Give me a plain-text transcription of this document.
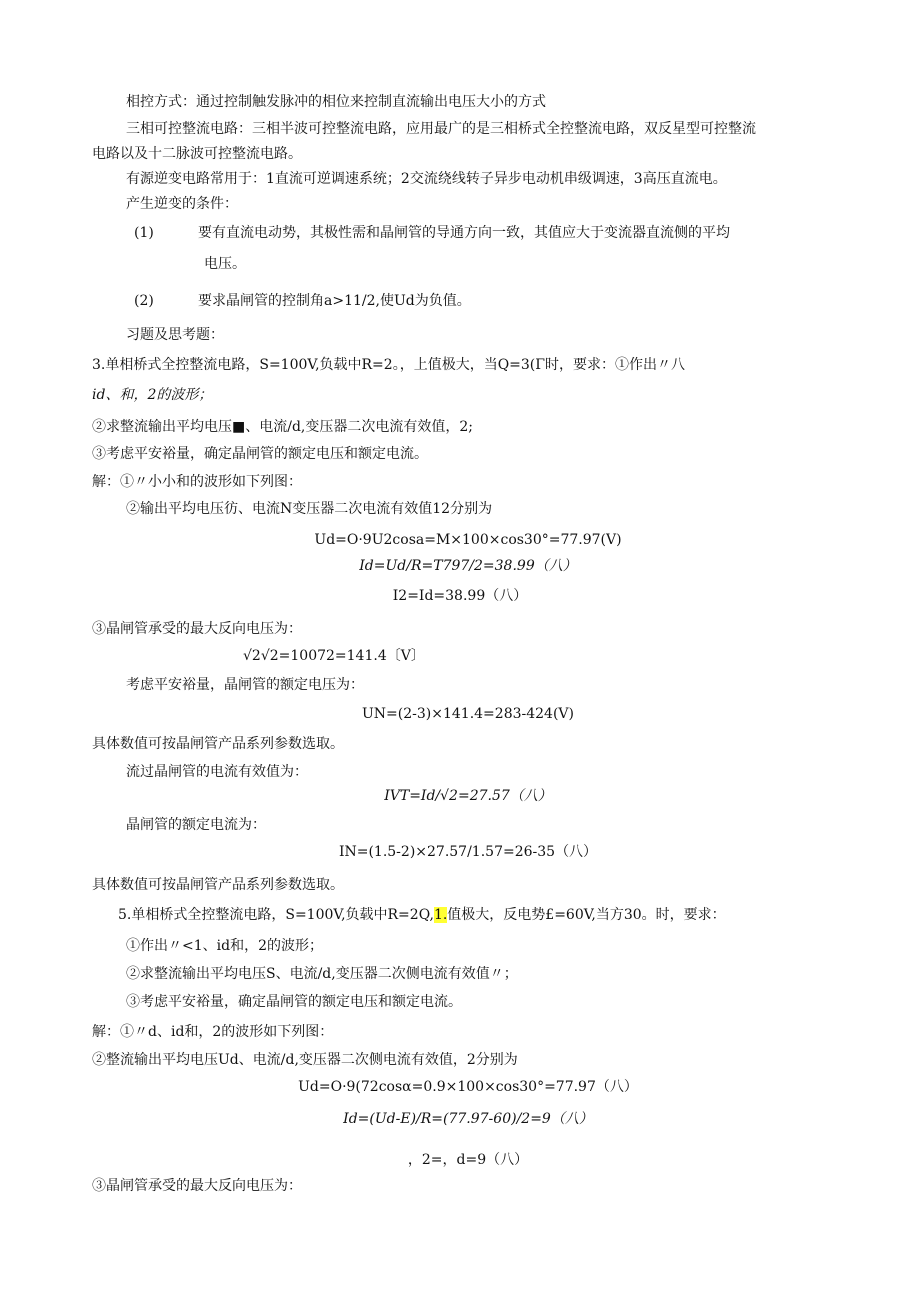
相控方式：通过控制触发脉冲的相位来控制直流输出电压大小的方式
三相可控整流电路：三相半波可控整流电路，应用最广的是三相桥式全控整流电路，双反星型可控整流
电路以及十二脉波可控整流电路。
有源逆变电路常用于：1直流可逆调速系统；2交流绕线转子异步电动机串级调速，3高压直流电。
产生逆变的条件：
(1)	要有直流电动势，其极性需和晶闸管的导通方向一致，其值应大于变流器直流侧的平均
电压。
(2)	要求晶闸管的控制角a>11/2,使Ud为负值。
习题及思考题：
3.单相桥式全控整流电路，S=100V,负载中R=2。，上值极大，当Q=3(Γ时，要求：①作出〃八
id、和，2的波形；
②求整流输出平均电压■、电流/d,变压器二次电流有效值，2;
③考虑平安裕量，确定晶闸管的额定电压和额定电流。
解：①〃小小和的波形如下列图：
②输出平均电压彷、电流N变压器二次电流有效值12分别为
Ud=O·9U2cosa=M×100×cos30°=77.97(V)
Id=Ud/R=T797/2=38.99（八）
I2=Id=38.99（八）
③晶闸管承受的最大反向电压为：
√2√2=10072=141.4〔V〕
考虑平安裕量，晶闸管的额定电压为：
UN=(2-3)×141.4=283-424(V)
具体数值可按晶闸管产品系列参数选取。
流过晶闸管的电流有效值为：
IVT=Id/√2=27.57（八）
晶闸管的额定电流为：
IN=(1.5-2)×27.57/1.57=26-35（八）
具体数值可按晶闸管产品系列参数选取。
5.单相桥式全控整流电路，S=100V,负载中R=2Q,1.值极大，反电势£=60V,当方30。时，要求：
①作出〃<1、id和，2的波形；
②求整流输出平均电压S、电流/d,变压器二次侧电流有效值〃；
③考虑平安裕量，确定晶闸管的额定电压和额定电流。
解：①〃d、id和，2的波形如下列图：
②整流输出平均电压Ud、电流/d,变压器二次侧电流有效值，2分别为
Ud=O·9(72cosα=0.9×100×cos30°=77.97（八）
Id=(Ud-E)/R=(77.97-60)/2=9（八）
，2=，d=9（八）
③晶闸管承受的最大反向电压为：
